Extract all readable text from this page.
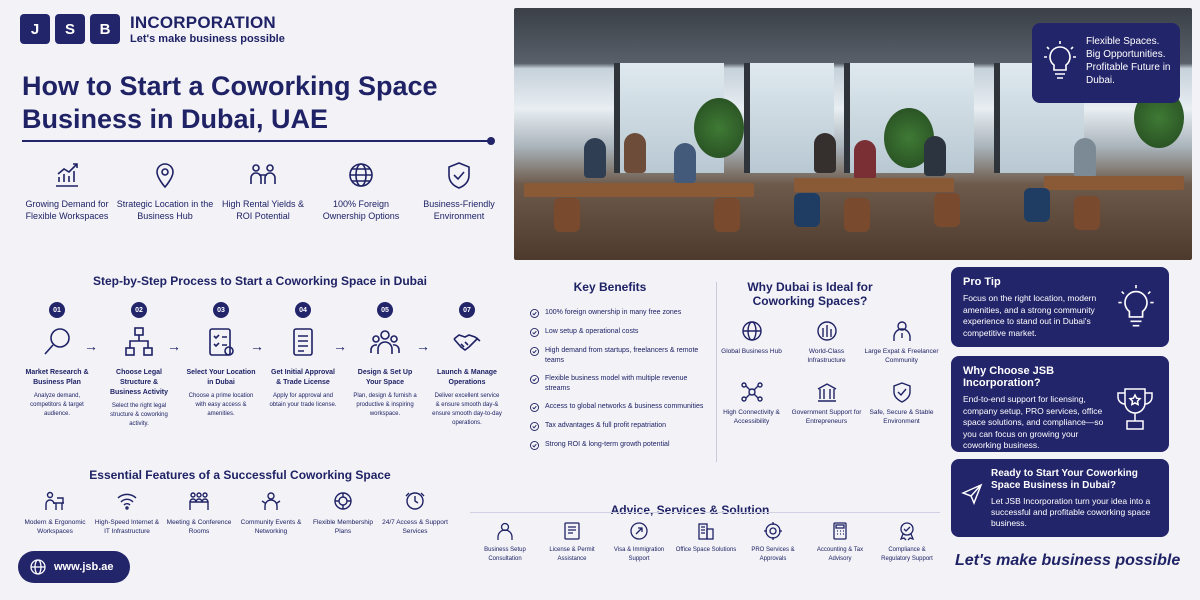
J	S	B	INCORPORATION
Let's make business possible
How to Start a Coworking Space Business in Dubai, UAE
Growing Demand for Flexible Workspaces
Strategic Location in the Business Hub
High Rental Yields & ROI Potential
100% Foreign Ownership Options
Business-Friendly Environment
Flexible Spaces. Big Opportunities. Profitable Future in Dubai.
Step-by-Step Process to Start a Coworking Space in Dubai
01
Market Research & Business Plan
Analyze demand, competitors & target audience.
02
Choose Legal Structure & Business Activity
Select the right legal structure & coworking activity.
03
Select Your Location in Dubai
Choose a prime location with easy access & amenities.
04
Get Initial Approval & Trade License
Apply for approval and obtain your trade license.
05
Design & Set Up Your Space
Plan, design & furnish a productive & inspiring workspace.
07
Launch & Manage Operations
Deliver excellent service & ensure smooth day-& ensure smooth day-to-day operations.
→	→	→	→	→
Essential Features of a Successful Coworking Space
Modern & Ergonomic Workspaces
High-Speed Internet & IT Infrastructure
Meeting & Conference Rooms
Community Events & Networking
Flexible Membership Plans
24/7 Access & Support Services
www.jsb.ae
Key Benefits
100% foreign ownership in many free zones
Low setup & operational costs
High demand from startups, freelancers & remote teams
Flexible business model with multiple revenue streams
Access to global networks & business communities
Tax advantages & full profit repatriation
Strong ROI & long-term growth potential
Why Dubai is Ideal for Coworking Spaces?
Global Business Hub	World-Class Infrastructure
Large Expat & Freelancer Community
High Connectivity & Accessibility
Government Support for Entrepreneurs
Safe, Secure & Stable Environment
Advice, Services & Solution
Business Setup Consultation
License & Permit Assistance
Visa & Immigration Support
Office Space Solutions	PRO Services & Approvals
Accounting & Tax Advisory
Compliance & Regulatory Support
Pro Tip

Focus on the right location, modern amenities, and a strong community experience to stand out in Dubai's competitive market.

Why Choose JSB Incorporation?

End-to-end support for licensing, company setup, PRO services, office space solutions, and compliance—so you can focus on growing your coworking business.

Ready to Start Your Coworking Space Business in Dubai?

Let JSB Incorporation turn your idea into a successful and profitable coworking space business.

Let's make business possible
